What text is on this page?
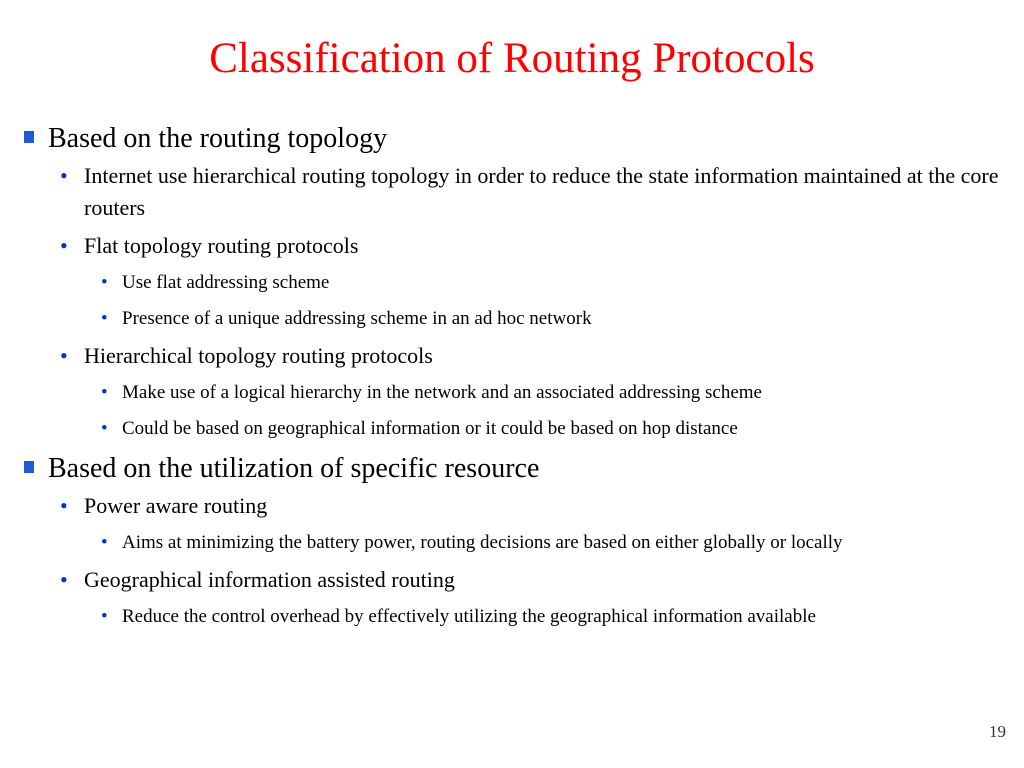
Classification of Routing Protocols
Based on the routing topology
• Internet use hierarchical routing topology in order to reduce the state information maintained at the core routers
• Flat topology routing protocols
• Use flat addressing scheme
• Presence of a unique addressing scheme in an ad hoc network
• Hierarchical topology routing protocols
• Make use of a logical hierarchy in the network and an associated addressing scheme
• Could be based on geographical information or it could be based on hop distance
Based on the utilization of specific resource
• Power aware routing
• Aims at minimizing the battery power, routing decisions are based on either globally or locally
• Geographical information assisted routing
• Reduce the control overhead by effectively utilizing the geographical information available
19
